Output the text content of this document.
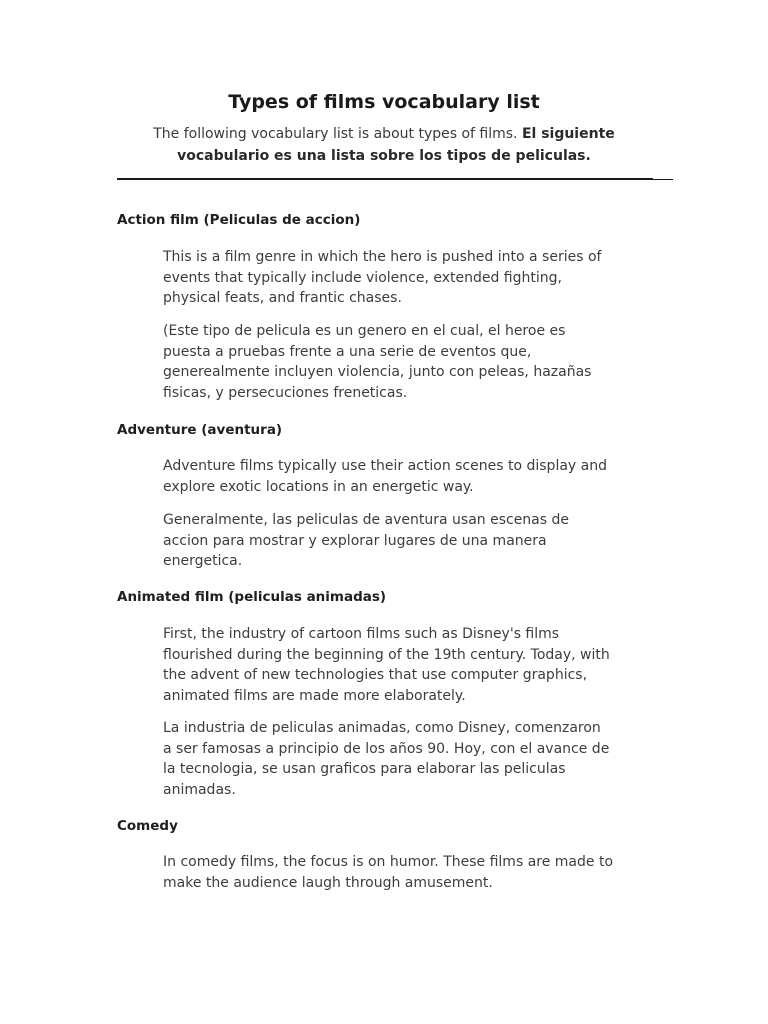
Types of films vocabulary list

The following vocabulary list is about types of films. El siguiente vocabulario es una lista sobre los tipos de peliculas.

Action film (Peliculas de accion)

This is a film genre in which the hero is pushed into a series of events that typically include violence, extended fighting, physical feats, and frantic chases.

(Este tipo de pelicula es un genero en el cual, el heroe es puesta a pruebas frente a una serie de eventos que, generealmente incluyen violencia, junto con peleas, hazañas fisicas, y persecuciones freneticas.

Adventure (aventura)

Adventure films typically use their action scenes to display and explore exotic locations in an energetic way.

Generalmente, las peliculas de aventura usan escenas de accion para mostrar y explorar lugares de una manera energetica.

Animated film (peliculas animadas)

First, the industry of cartoon films such as Disney's films flourished during the beginning of the 19th century. Today, with the advent of new technologies that use computer graphics, animated films are made more elaborately.

La industria de peliculas animadas, como Disney, comenzaron a ser famosas a principio de los años 90. Hoy, con el avance de la tecnologia, se usan graficos para elaborar las peliculas animadas.

Comedy

In comedy films, the focus is on humor. These films are made to make the audience laugh through amusement.
